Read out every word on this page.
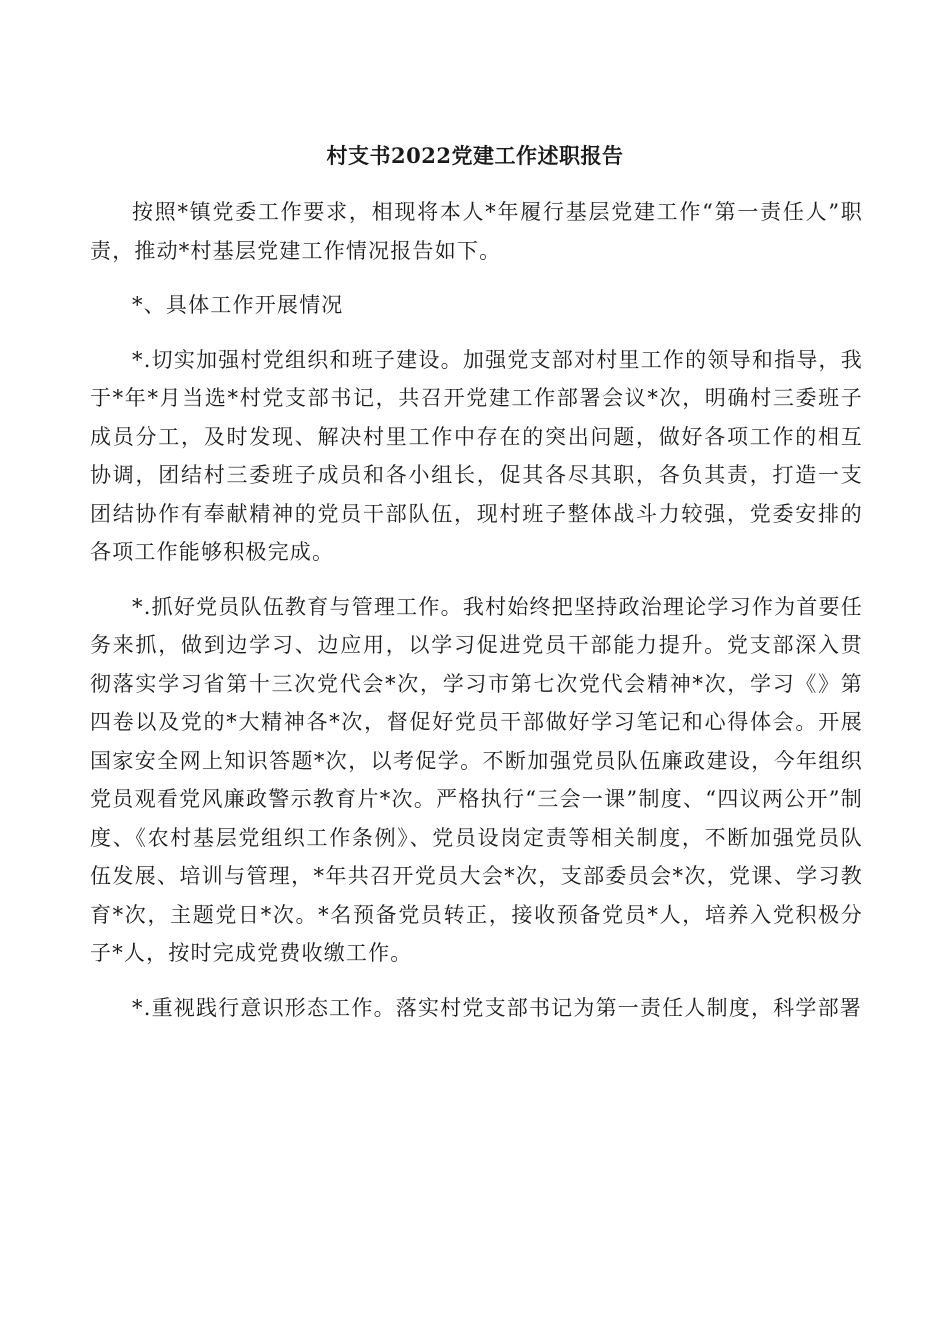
村支书2022党建工作述职报告

按照*镇党委工作要求，相现将本人*年履行基层党建工作“第一责任人”职责，推动*村基层党建工作情况报告如下。

*、具体工作开展情况

*.切实加强村党组织和班子建设。加强党支部对村里工作的领导和指导，我于*年*月当选*村党支部书记，共召开党建工作部署会议*次，明确村三委班子成员分工，及时发现、解决村里工作中存在的突出问题，做好各项工作的相互协调，团结村三委班子成员和各小组长，促其各尽其职，各负其责，打造一支团结协作有奉献精神的党员干部队伍，现村班子整体战斗力较强，党委安排的各项工作能够积极完成。

*.抓好党员队伍教育与管理工作。我村始终把坚持政治理论学习作为首要任务来抓，做到边学习、边应用，以学习促进党员干部能力提升。党支部深入贯彻落实学习省第十三次党代会*次，学习市第七次党代会精神*次，学习《》第四卷以及党的*大精神各*次，督促好党员干部做好学习笔记和心得体会。开展国家安全网上知识答题*次，以考促学。不断加强党员队伍廉政建设，今年组织党员观看党风廉政警示教育片*次。严格执行“三会一课”制度、“四议两公开”制度、《农村基层党组织工作条例》、党员设岗定责等相关制度，不断加强党员队伍发展、培训与管理，*年共召开党员大会*次，支部委员会*次，党课、学习教育*次，主题党日*次。*名预备党员转正，接收预备党员*人，培养入党积极分子*人，按时完成党费收缴工作。

*.重视践行意识形态工作。落实村党支部书记为第一责任人制度，科学部署
